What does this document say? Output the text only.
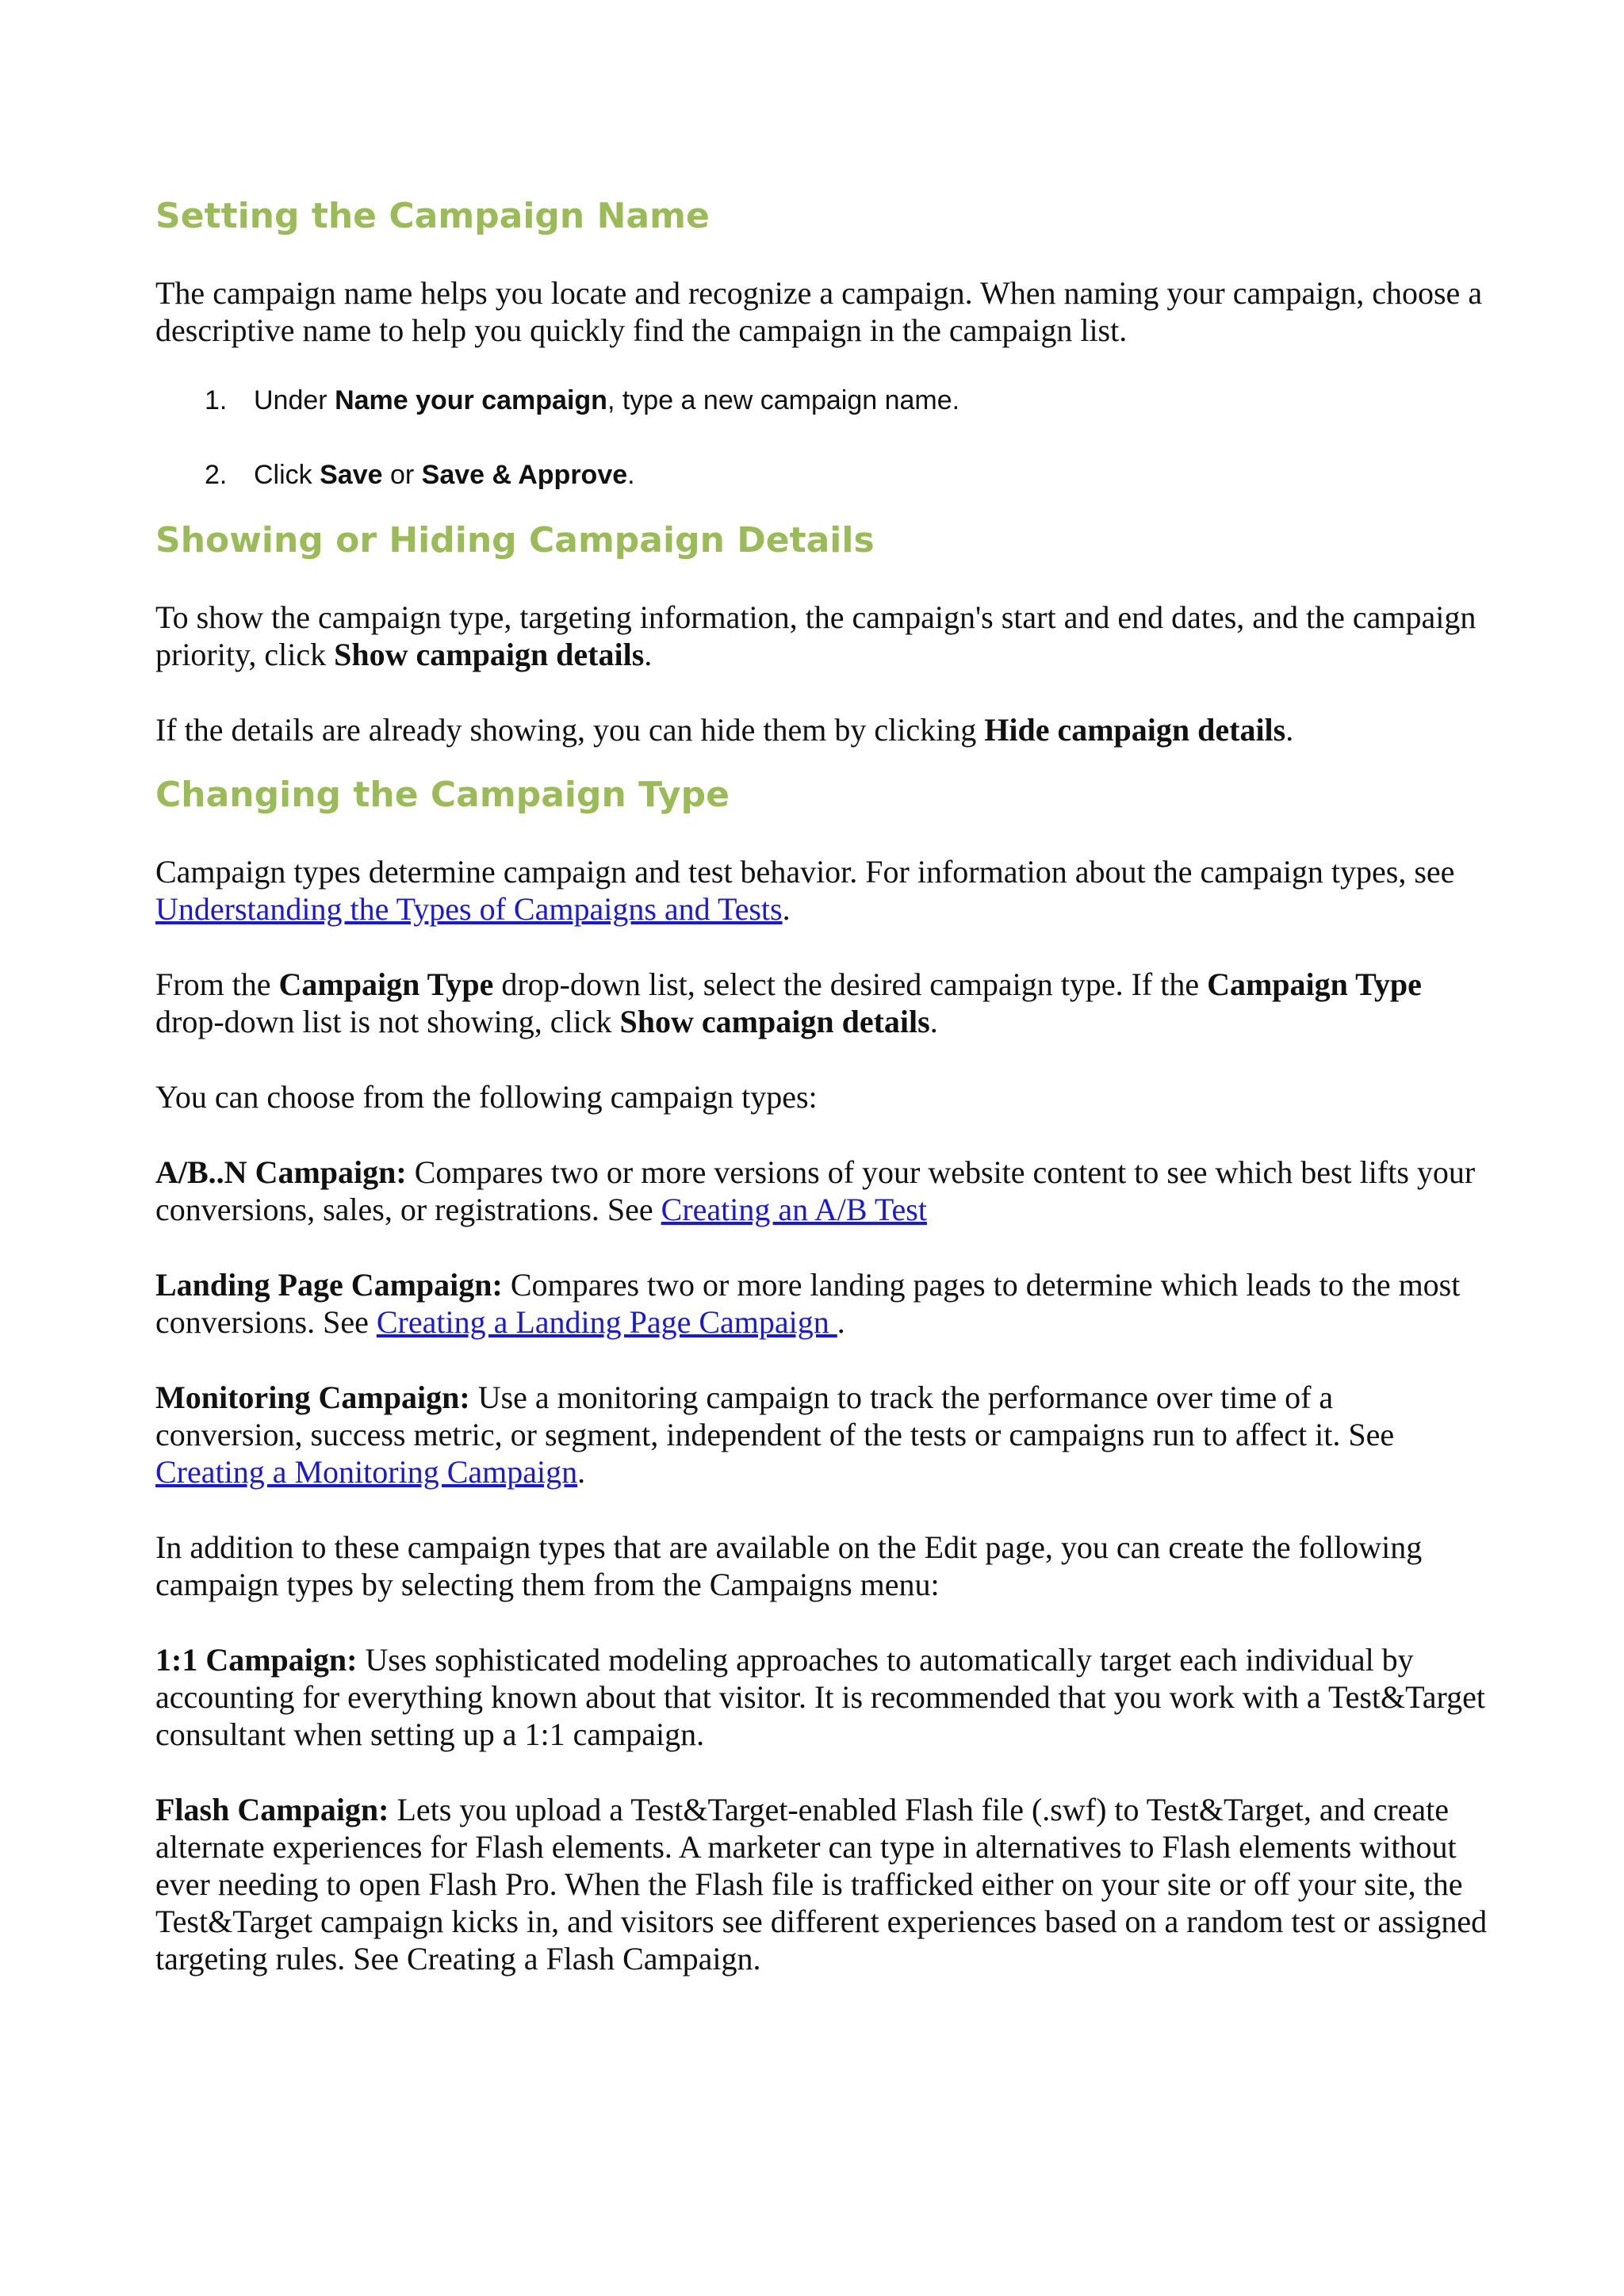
Setting the Campaign Name

The campaign name helps you locate and recognize a campaign. When naming your campaign, choose a descriptive name to help you quickly find the campaign in the campaign list.

1. Under Name your campaign, type a new campaign name.
2. Click Save or Save & Approve.
Showing or Hiding Campaign Details

To show the campaign type, targeting information, the campaign's start and end dates, and the campaign priority, click Show campaign details.

If the details are already showing, you can hide them by clicking Hide campaign details.

Changing the Campaign Type

Campaign types determine campaign and test behavior. For information about the campaign types, see Understanding the Types of Campaigns and Tests.

From the Campaign Type drop-down list, select the desired campaign type. If the Campaign Type drop-down list is not showing, click Show campaign details.

You can choose from the following campaign types:

A/B..N Campaign: Compares two or more versions of your website content to see which best lifts your conversions, sales, or registrations. See Creating an A/B Test

Landing Page Campaign: Compares two or more landing pages to determine which leads to the most conversions. See Creating a Landing Page Campaign .

Monitoring Campaign: Use a monitoring campaign to track the performance over time of a conversion, success metric, or segment, independent of the tests or campaigns run to affect it. See Creating a Monitoring Campaign.

In addition to these campaign types that are available on the Edit page, you can create the following campaign types by selecting them from the Campaigns menu:

1:1 Campaign: Uses sophisticated modeling approaches to automatically target each individual by accounting for everything known about that visitor. It is recommended that you work with a Test&Target consultant when setting up a 1:1 campaign.

Flash Campaign: Lets you upload a Test&Target-enabled Flash file (.swf) to Test&Target, and create alternate experiences for Flash elements. A marketer can type in alternatives to Flash elements without ever needing to open Flash Pro. When the Flash file is trafficked either on your site or off your site, the Test&Target campaign kicks in, and visitors see different experiences based on a random test or assigned targeting rules. See Creating a Flash Campaign.
